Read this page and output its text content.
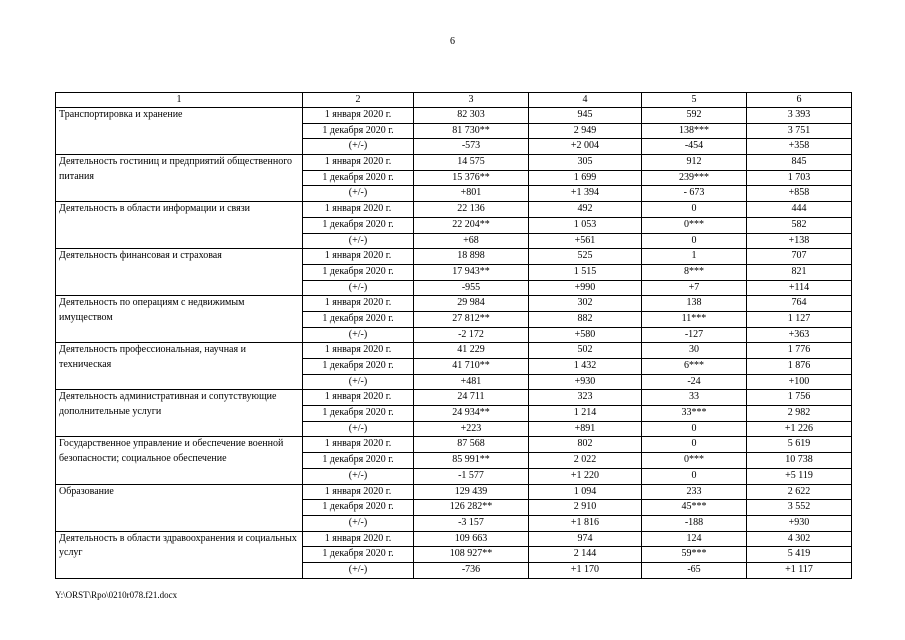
6
1	2	3	4	5	6
Транспортировка и хранение	1 января 2020 г.	82 303	945	592	3 393
	1 декабря 2020 г.	81 730**	2 949	138***	3 751
	(+/-)	-573	+2 004	-454	+358
Деятельность гостиниц и предприятий общественного питания	1 января 2020 г.	14 575	305	912	845
	1 декабря 2020 г.	15 376**	1 699	239***	1 703
	(+/-)	+801	+1 394	- 673	+858
Деятельность в области информации и связи	1 января 2020 г.	22 136	492	0	444
	1 декабря 2020 г.	22 204**	1 053	0***	582
	(+/-)	+68	+561	0	+138
Деятельность финансовая и страховая	1 января 2020 г.	18 898	525	1	707
	1 декабря 2020 г.	17 943**	1 515	8***	821
	(+/-)	-955	+990	+7	+114
Деятельность по операциям с недвижимым имуществом	1 января 2020 г.	29 984	302	138	764
	1 декабря 2020 г.	27 812**	882	11***	1 127
	(+/-)	-2 172	+580	-127	+363
Деятельность профессиональная, научная и техническая	1 января 2020 г.	41 229	502	30	1 776
	1 декабря 2020 г.	41 710**	1 432	6***	1 876
	(+/-)	+481	+930	-24	+100
Деятельность административная и сопутствующие дополнительные услуги	1 января 2020 г.	24 711	323	33	1 756
	1 декабря 2020 г.	24 934**	1 214	33***	2 982
	(+/-)	+223	+891	0	+1 226
Государственное управление и обеспечение военной безопасности; социальное обеспечение	1 января 2020 г.	87 568	802	0	5 619
	1 декабря 2020 г.	85 991**	2 022	0***	10 738
	(+/-)	-1 577	+1 220	0	+5 119
Образование	1 января 2020 г.	129 439	1 094	233	2 622
	1 декабря 2020 г.	126 282**	2 910	45***	3 552
	(+/-)	-3 157	+1 816	-188	+930
Деятельность в области здравоохранения и социальных услуг	1 января 2020 г.	109 663	974	124	4 302
	1 декабря 2020 г.	108 927**	2 144	59***	5 419
	(+/-)	-736	+1 170	-65	+1 117
Y:\ORST\Rpo\0210r078.f21.docx
